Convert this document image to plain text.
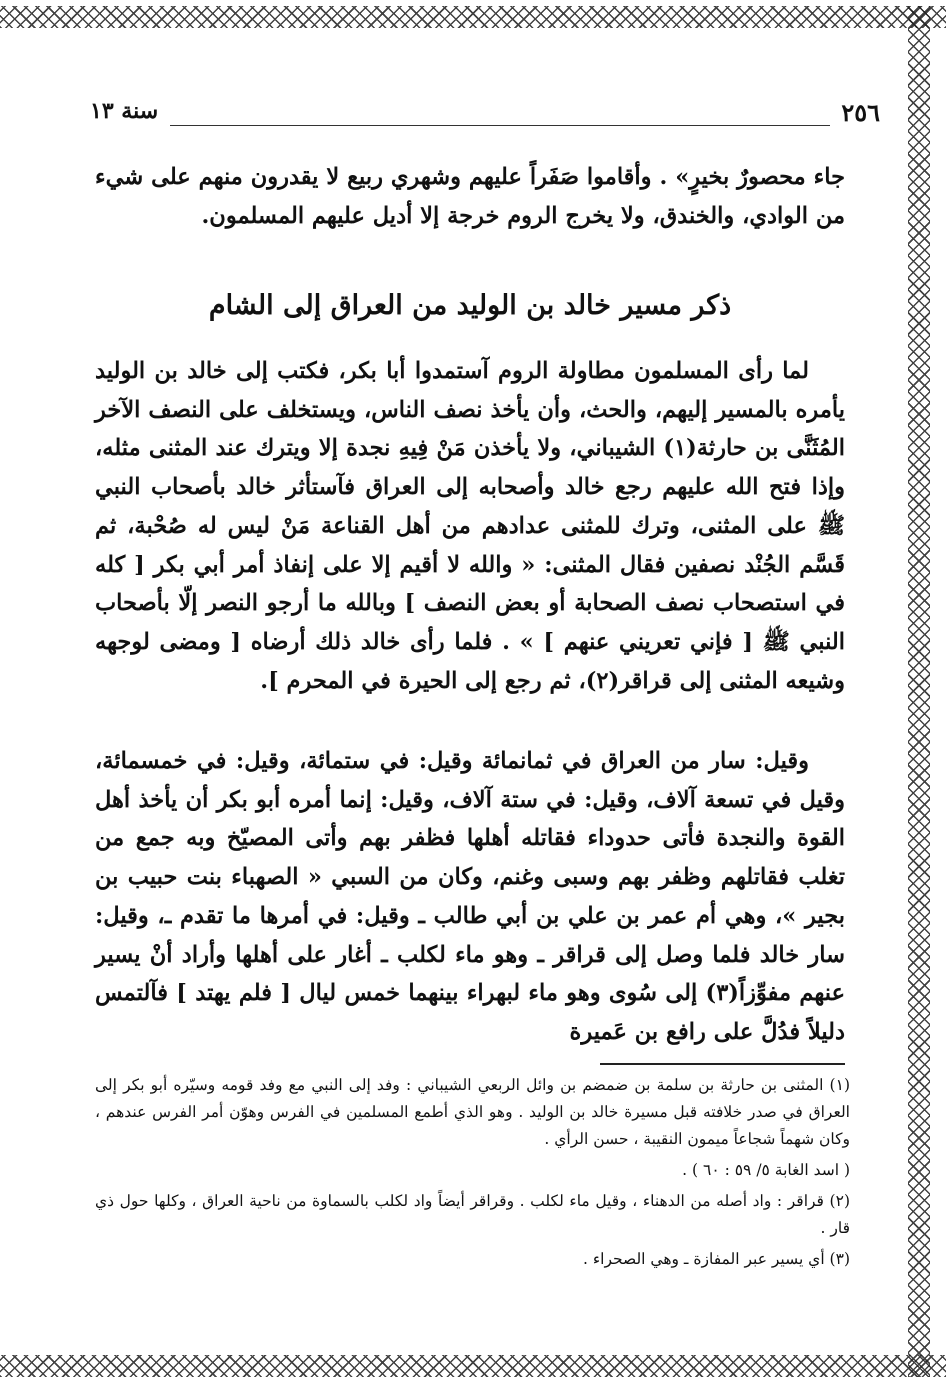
٢٥٦
سنة ١٣

جاء محصورٌ بخيرٍ» . وأقاموا صَفَراً عليهم وشهري ربيع لا يقدرون منهم على شيء من الوادي، والخندق، ولا يخرج الروم خرجة إلا أديل عليهم المسلمون.

ذكر مسير خالد بن الوليد من العراق إلى الشام

لما رأى المسلمون مطاولة الروم آستمدوا أبا بكر، فكتب إلى خالد بن الوليد يأمره بالمسير إليهم، والحث، وأن يأخذ نصف الناس، ويستخلف على النصف الآخر المُثَنَّى بن حارثة(١) الشيباني، ولا يأخذن مَنْ فِيهِ نجدة إلا ويترك عند المثنى مثله، وإذا فتح الله عليهم رجع خالد وأصحابه إلى العراق فآستأثر خالد بأصحاب النبي ﷺ على المثنى، وترك للمثنى عدادهم من أهل القناعة مَنْ ليس له صُحْبة، ثم قَسَّم الجُنْد نصفين فقال المثنى: « والله لا أقيم إلا على إنفاذ أمر أبي بكر [ كله في استصحاب نصف الصحابة أو بعض النصف ] وبالله ما أرجو النصر إلّا بأصحاب النبي ﷺ [ فإني تعريني عنهم ] » . فلما رأى خالد ذلك أرضاه [ ومضى لوجهه وشيعه المثنى إلى قراقر(٢)، ثم رجع إلى الحيرة في المحرم ].

وقيل: سار من العراق في ثمانمائة وقيل: في ستمائة، وقيل: في خمسمائة، وقيل في تسعة آلاف، وقيل: في ستة آلاف، وقيل: إنما أمره أبو بكر أن يأخذ أهل القوة والنجدة فأتى حدوداء فقاتله أهلها فظفر بهم وأتى المصيّخ وبه جمع من تغلب فقاتلهم وظفر بهم وسبى وغنم، وكان من السبي « الصهباء بنت حبيب بن بجير »، وهي أم عمر بن علي بن أبي طالب ـ وقيل: في أمرها ما تقدم ـ، وقيل: سار خالد فلما وصل إلى قراقر ـ وهو ماء لكلب ـ أغار على أهلها وأراد أنْ يسير عنهم مفوِّزاً(٣) إلى سُوى وهو ماء لبهراء بينهما خمس ليال [ فلم يهتد ] فآلتمس دليلاً فدُلَّ على رافع بن عَميرة

(١) المثنى بن حارثة بن سلمة بن ضمضم بن وائل الربعي الشيباني : وفد إلى النبي مع وفد قومه وسيّره أبو بكر إلى العراق في صدر خلافته قبل مسيرة خالد بن الوليد . وهو الذي أطمع المسلمين في الفرس وهوّن أمر الفرس عندهم ، وكان شهماً شجاعاً ميمون النقيبة ، حسن الرأي .

( اسد الغابة ٥/ ٥٩ : ٦٠ ) .

(٢) قراقر : واد أصله من الدهناء ، وقيل ماء لكلب . وقراقر أيضاً واد لكلب بالسماوة من ناحية العراق ، وكلها حول ذي قار .

(٣) أي يسير عبر المفازة ـ وهي الصحراء .
